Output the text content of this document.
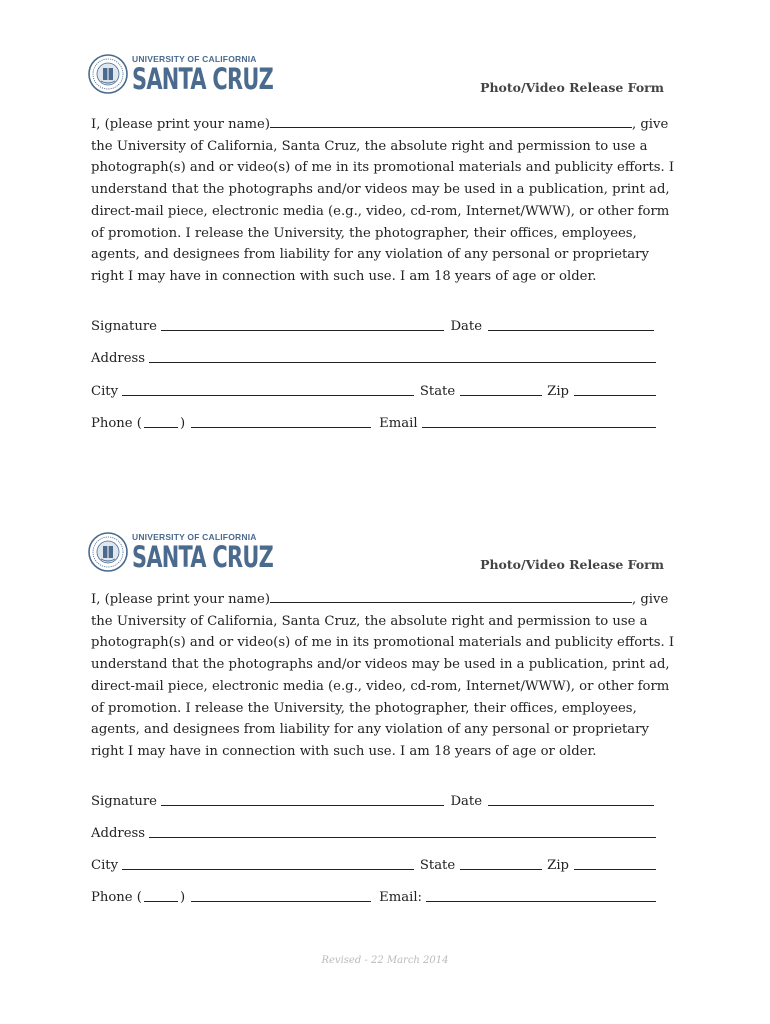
UNIVERSITY OF CALIFORNIA
SANTA CRUZ	Photo/Video Release Form

I, (please print your name)	, give the University of California, Santa Cruz, the absolute right and permission to use a photograph(s) and or video(s) of me in its promotional materials and publicity efforts. I understand that the photographs and/or videos may be used in a publication, print ad, direct-mail piece, electronic media (e.g., video, cd-rom, Internet/WWW), or other form of promotion. I release the University, the photographer, their offices, employees, agents, and designees from liability for any violation of any personal or proprietary right I may have in connection with such use. I am 18 years of age or older.

Signature	Date
Address
City	State	Zip
Phone (	)	Email
UNIVERSITY OF CALIFORNIA
SANTA CRUZ	Photo/Video Release Form

I, (please print your name)	, give the University of California, Santa Cruz, the absolute right and permission to use a photograph(s) and or video(s) of me in its promotional materials and publicity efforts. I understand that the photographs and/or videos may be used in a publication, print ad, direct-mail piece, electronic media (e.g., video, cd-rom, Internet/WWW), or other form of promotion. I release the University, the photographer, their offices, employees, agents, and designees from liability for any violation of any personal or proprietary right I may have in connection with such use. I am 18 years of age or older.

Signature	Date
Address
City	State	Zip
Phone (	)	Email:
Revised - 22 March 2014
